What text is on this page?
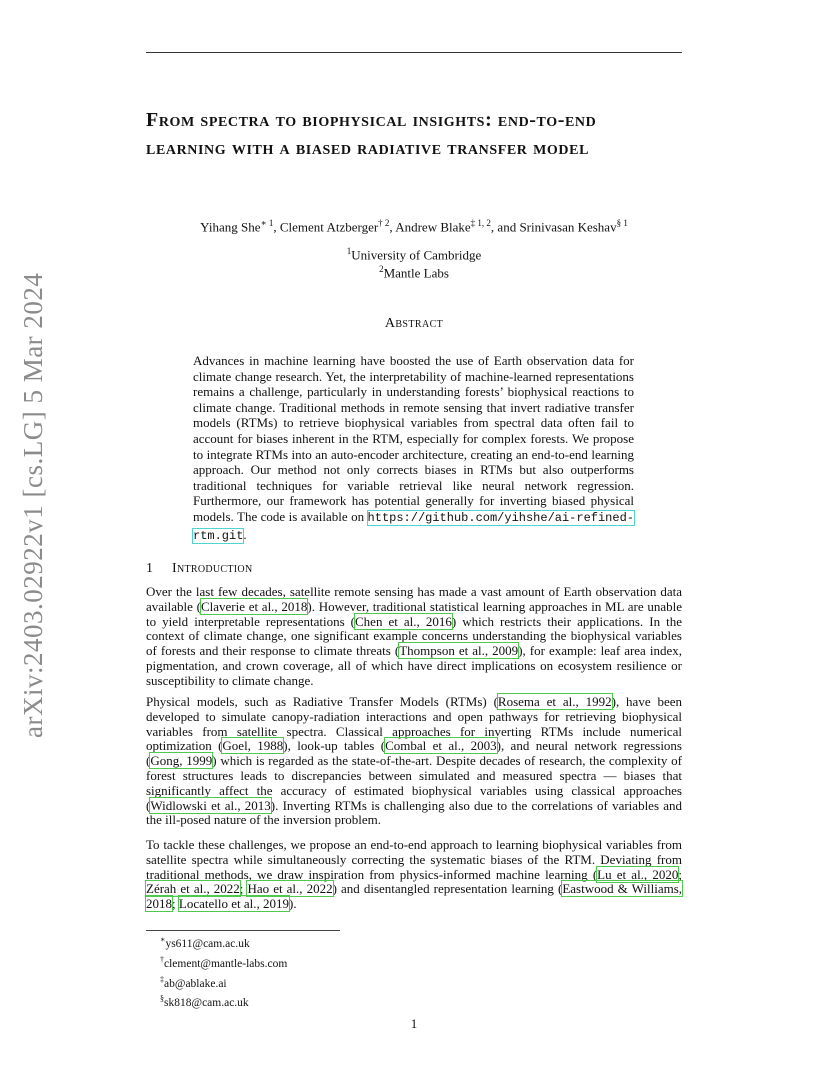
arXiv:2403.02922v1 [cs.LG] 5 Mar 2024
From spectra to biophysical insights: end-to-end learning with a biased radiative transfer model
Yihang She$^{∗ 1}$, Clement Atzberger$^{\dagger 2}$, Andrew Blake$^{\ddagger 1, 2}$, and Srinivasan Keshav$^{\S 1}$
$^1$University of Cambridge
$^2$Mantle Labs
Abstract
Advances in machine learning have boosted the use of Earth observation data for climate change research. Yet, the interpretability of machine-learned representations remains a challenge, particularly in understanding forests’ biophysical reactions to climate change. Traditional methods in remote sensing that invert radiative transfer models (RTMs) to retrieve biophysical variables from spectral data often fail to account for biases inherent in the RTM, especially for complex forests. We propose to integrate RTMs into an auto-encoder architecture, creating an end-to-end learning approach. Our method not only corrects biases in RTMs but also outperforms traditional techniques for variable retrieval like neural network regression. Furthermore, our framework has potential generally for inverting biased physical models. The code is available on https://github.com/yihshe/ai-refined-rtm.git.
1 Introduction

Over the last few decades, satellite remote sensing has made a vast amount of Earth observation data available (Claverie et al., 2018). However, traditional statistical learning approaches in ML are unable to yield interpretable representations (Chen et al., 2016) which restricts their applications. In the context of climate change, one significant example concerns understanding the biophysical variables of forests and their response to climate threats (Thompson et al., 2009), for example: leaf area index, pigmentation, and crown coverage, all of which have direct implications on ecosystem resilience or susceptibility to climate change.

Physical models, such as Radiative Transfer Models (RTMs) (Rosema et al., 1992), have been developed to simulate canopy-radiation interactions and open pathways for retrieving biophysical variables from satellite spectra. Classical approaches for inverting RTMs include numerical optimization (Goel, 1988), look-up tables (Combal et al., 2003), and neural network regressions (Gong, 1999) which is regarded as the state-of-the-art. Despite decades of research, the complexity of forest structures leads to discrepancies between simulated and measured spectra — biases that significantly affect the accuracy of estimated biophysical variables using classical approaches (Widlowski et al., 2013). Inverting RTMs is challenging also due to the correlations of variables and the ill-posed nature of the inversion problem.

To tackle these challenges, we propose an end-to-end approach to learning biophysical variables from satellite spectra while simultaneously correcting the systematic biases of the RTM. Deviating from traditional methods, we draw inspiration from physics-informed machine learning (Lu et al., 2020; Zérah et al., 2022; Hao et al., 2022) and disentangled representation learning (Eastwood & Williams, 2018; Locatello et al., 2019).

∗ys611@cam.ac.uk
†clement@mantle-labs.com
‡ab@ablake.ai
§sk818@cam.ac.uk
1
